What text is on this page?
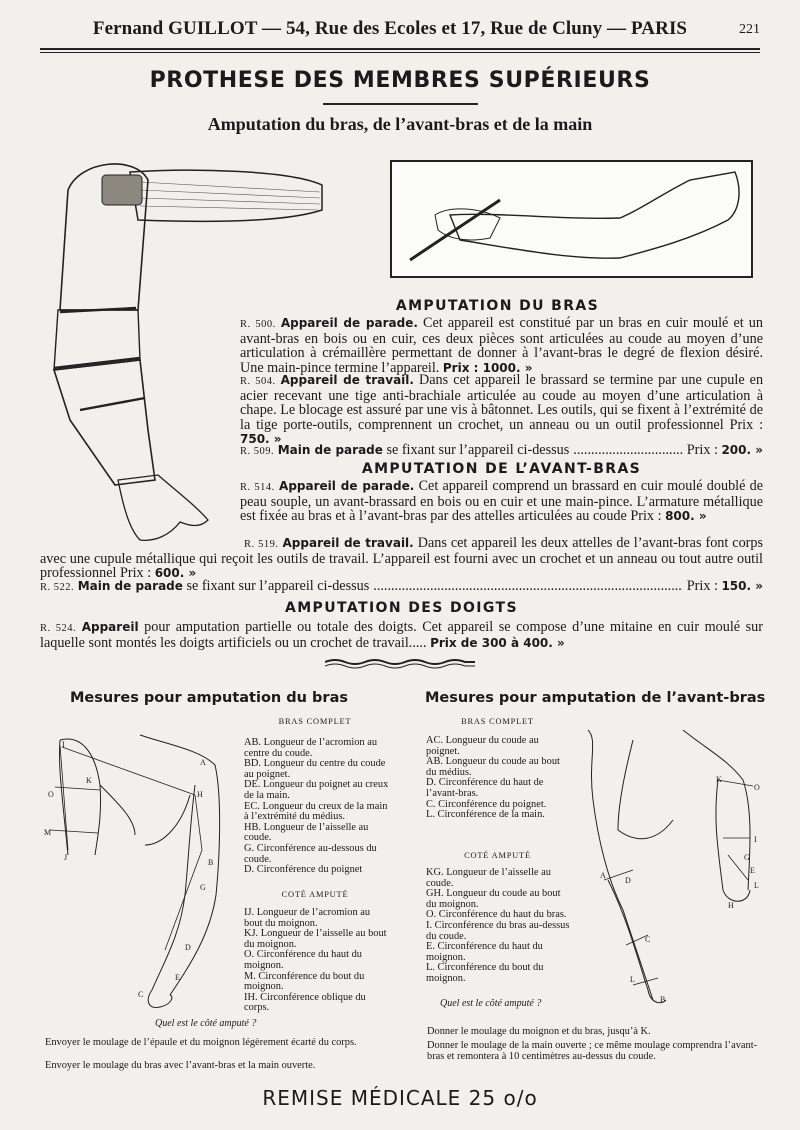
Fernand GUILLOT — 54, Rue des Ecoles et 17, Rue de Cluny — PARIS	221
PROTHESE DES MEMBRES SUPÉRIEURS
Amputation du bras, de l’avant-bras et de la main
AMPUTATION DU BRAS
R. 500. Appareil de parade. Cet appareil est constitué par un bras en cuir moulé et un avant-bras en bois ou en cuir, ces deux pièces sont articulées au coude au moyen d’une articulation à crémaillère permettant de donner à l’avant-bras le degré de flexion désiré. Une main-pince termine l’appareil. Prix : 1000. »
R. 504. Appareil de travail. Dans cet appareil le brassard se termine par une cupule en acier recevant une tige anti-brachiale articulée au coude au moyen d’une articulation à chape. Le blocage est assuré par une vis à bâtonnet. Les outils, qui se fixent à l’extrémité de la tige porte-outils, comprennent un crochet, un anneau ou un outil professionnel Prix : 750. »
R. 509. Main de parade se fixant sur l’appareil ci-dessus .....	Prix : 200. »
AMPUTATION DE L’AVANT-BRAS
R. 514. Appareil de parade. Cet appareil comprend un brassard en cuir moulé doublé de peau souple, un avant-brassard en bois ou en cuir et une main-pince. L’armature métallique est fixée au bras et à l’avant-bras par des attelles articulées au coude Prix : 800. »
R. 519. Appareil de travail. Dans cet appareil les deux attelles de l’avant-bras font corps avec une cupule métallique qui reçoit les outils de travail. L’appareil est fourni avec un crochet et un anneau ou tout autre outil professionnel Prix : 600. »
R. 522. Main de parade se fixant sur l’appareil ci-dessus .....	Prix : 150. »
AMPUTATION DES DOIGTS
R. 524. Appareil pour amputation partielle ou totale des doigts. Cet appareil se compose d’une mitaine en cuir moulé sur laquelle sont montés les doigts artificiels ou un crochet de travail..... Prix de 300 à 400. »
Mesures pour amputation du bras
BRAS COMPLET
AB. Longueur de l’acromion au centre du coude.
BD. Longueur du centre du coude au poignet.
DE. Longueur du poignet au creux de la main.
EC. Longueur du creux de la main à l’extrémité du médius.
HB. Longueur de l’aisselle au coude.
G. Circonférence au-dessous du coude.
D. Circonférence du poignet
COTÉ AMPUTÉ
IJ. Longueur de l’acromion au bout du moignon.
KJ. Longueur de l’aisselle au bout du moignon.
O. Circonférence du haut du moignon.
M. Circonférence du bout du moignon.
IH. Circonférence oblique du corps.
Quel est le côté amputé ?
Envoyer le moulage de l’épaule et du moignon légèrement écarté du corps.
Envoyer le moulage du bras avec l’avant-bras et la main ouverte.
I
K
O
M
J
H
A
B
G
D
E
C
Mesures pour amputation de l’avant-bras
BRAS COMPLET
AC. Longueur du coude au poignet.
AB. Longueur du coude au bout du médius.
D. Circonférence du haut de l’avant-bras.
C. Circonférence du poignet.
L. Circonférence de la main.
COTÉ AMPUTÉ
KG. Longueur de l’aisselle au coude.
GH. Longueur du coude au bout du moignon.
O. Circonférence du haut du bras.
I. Circonférence du bras au-dessus du coude.
E. Circonférence du haut du moignon.
L. Circonférence du bout du moignon.
Quel est le côté amputé ?
Donner le moulage du moignon et du bras, jusqu’à K.
Donner le moulage de la main ouverte ; ce même moulage comprendra l’avant-bras et remontera à 10 centimètres au-dessus du coude.
K
O
I
G
E
L
H
A
D
C
L
B
REMISE MÉDICALE 25 o/o
